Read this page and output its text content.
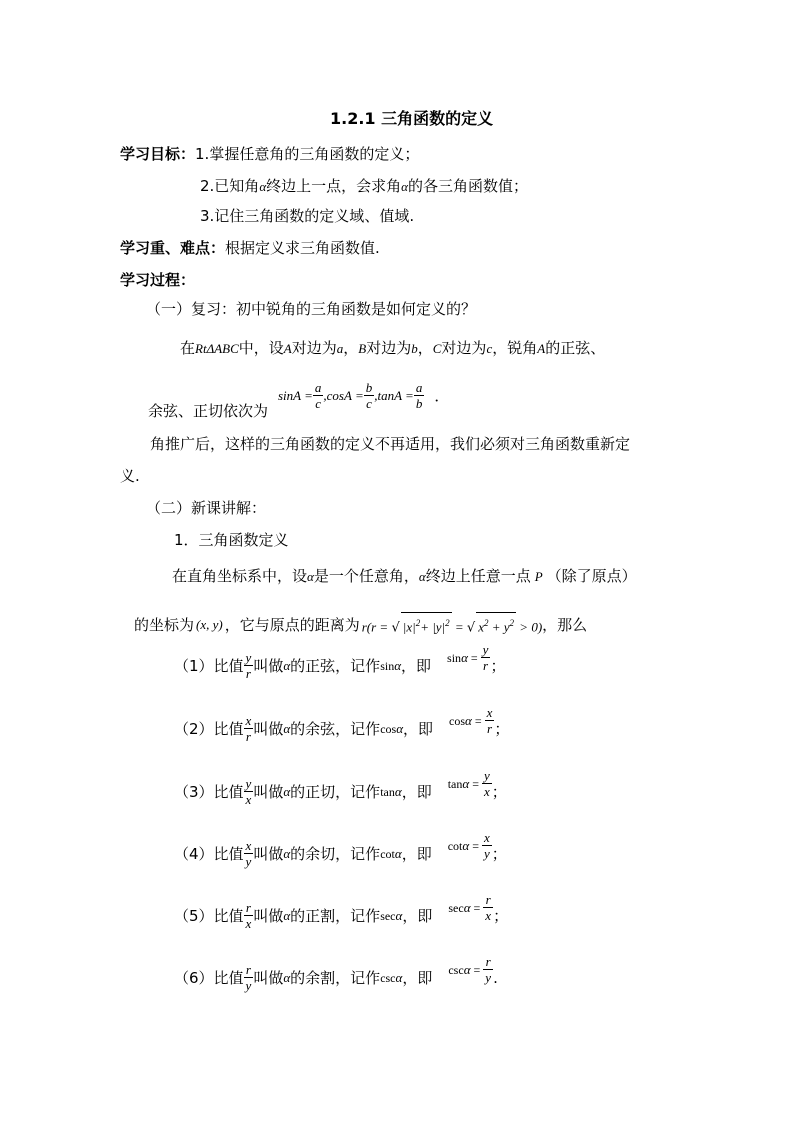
1.2.1 三角函数的定义
学习目标：1.掌握任意角的三角函数的定义；
2.已知角α终边上一点，会求角α的各三角函数值；
3.记住三角函数的定义域、值域.
学习重、难点：根据定义求三角函数值.
学习过程：
（一）复习：初中锐角的三角函数是如何定义的？
在RtΔABC中，设A对边为a，B对边为b，C对边为c，锐角A的正弦、
余弦、正切依次为
$\sin A = \frac{a}{c} ,\cos A = \frac{b}{c} ,\tan A = \frac{a}{b}$ ．
角推广后，这样的三角函数的定义不再适用，我们必须对三角函数重新定
义.
（二）新课讲解：
1．三角函数定义
在直角坐标系中，设α是一个任意角，α终边上任意一点 P （除了原点）
的坐标为 (x, y) ，它与原点的距离为 r(r = √ $|x|^2+ |y|^2$ = √ $x^2 + y^2 > 0$) ，那么
（1）比值 $\frac{y}{r}$ 叫做 α 的正弦，记作 sin α ，即 $\sin \alpha = \frac{y}{r}$ ；
（2）比值 $\frac{x}{r}$ 叫做 α 的余弦，记作 cos α ，即 $\cos \alpha = \frac{x}{r}$ ；
（3）比值 $\frac{y}{x}$ 叫做 α 的正切，记作 tan α ，即 $\tan \alpha = \frac{y}{x}$ ；
（4）比值 $\frac{x}{y}$ 叫做 α 的余切，记作 cot α ，即 $\cot \alpha = \frac{x}{y}$ ；
（5）比值 $\frac{r}{x}$ 叫做 α 的正割，记作 sec α ，即 $\sec \alpha = \frac{r}{x}$ ；
（6）比值 $\frac{r}{y}$ 叫做 α 的余割，记作 csc α ，即 $\csc \alpha = \frac{r}{y}$ .
